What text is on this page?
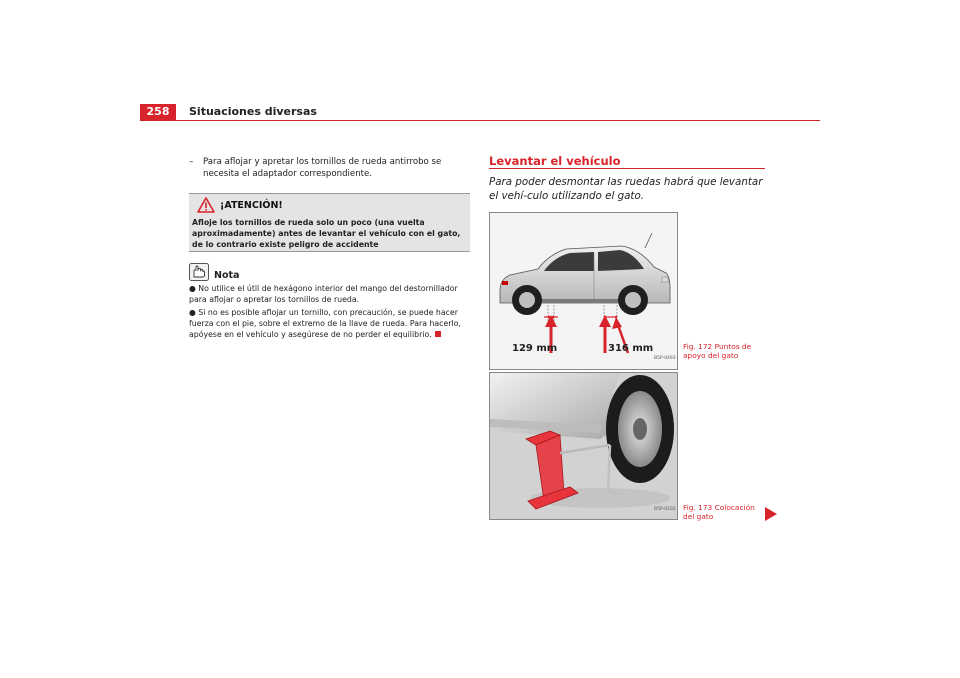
258	Situaciones diversas
–	Para aflojar y apretar los tornillos de rueda antirrobo se necesita el adaptador correspondiente.
¡ATENCIÓN!
Afloje los tornillos de rueda solo un poco (una vuelta aproximadamente) antes de levantar el vehículo con el gato, de lo contrario existe peligro de accidente
Nota
● No utilice el útil de hexágono interior del mango del destornillador para aflojar o apretar los tornillos de rueda.
● Si no es posible aflojar un tornillo, con precaución, se puede hacer fuerza con el pie, sobre el extremo de la llave de rueda. Para hacerlo, apóyese en el vehículo y asegúrese de no perder el equilibrio.
Levantar el vehículo
Para poder desmontar las ruedas habrá que levantar el vehí-culo utilizando el gato.
129 mm	316 mm
B5P-0493
B5P-0102
Fig. 172 Puntos de apoyo del gato
Fig. 173 Colocación del gato
